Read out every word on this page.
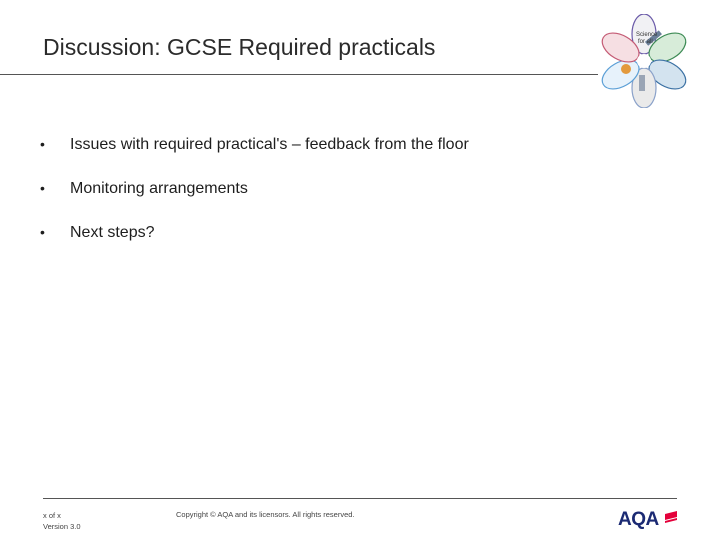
Discussion: GCSE Required practicals	Science
for all
• Issues with required practical's – feedback from the floor
• Monitoring arrangements
• Next steps?
x of x
Version 3.0
Copyright © AQA and its licensors. All rights reserved.	AQA
